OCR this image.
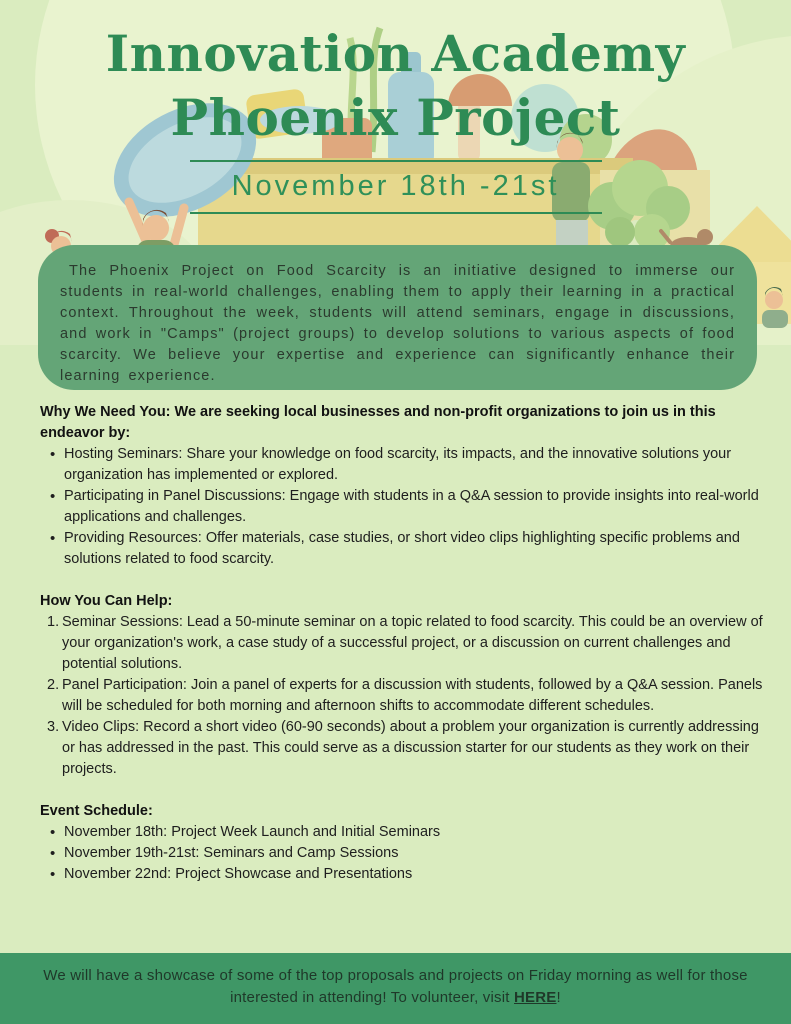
Innovation Academy
Phoenix Project
November 18th -21st

The Phoenix Project on Food Scarcity is an initiative designed to immerse our students in real-world challenges, enabling them to apply their learning in a practical context. Throughout the week, students will attend seminars, engage in discussions, and work in "Camps" (project groups) to develop solutions to various aspects of food scarcity. We believe your expertise and experience can significantly enhance their learning experience.

Why We Need You: We are seeking local businesses and non-profit organizations to join us in this endeavor by:
• Hosting Seminars: Share your knowledge on food scarcity, its impacts, and the innovative solutions your organization has implemented or explored.
• Participating in Panel Discussions: Engage with students in a Q&A session to provide insights into real-world applications and challenges.
• Providing Resources: Offer materials, case studies, or short video clips highlighting specific problems and solutions related to food scarcity.
How You Can Help:
Seminar Sessions: Lead a 50-minute seminar on a topic related to food scarcity. This could be an overview of your organization's work, a case study of a successful project, or a discussion on current challenges and potential solutions.
Panel Participation: Join a panel of experts for a discussion with students, followed by a Q&A session. Panels will be scheduled for both morning and afternoon shifts to accommodate different schedules.
Video Clips: Record a short video (60-90 seconds) about a problem your organization is currently addressing or has addressed in the past. This could serve as a discussion starter for our students as they work on their projects.
Event Schedule:
• November 18th: Project Week Launch and Initial Seminars
• November 19th-21st: Seminars and Camp Sessions
• November 22nd: Project Showcase and Presentations
We will have a showcase of some of the top proposals and projects on Friday morning as well for those interested in attending! To volunteer, visit HERE!
